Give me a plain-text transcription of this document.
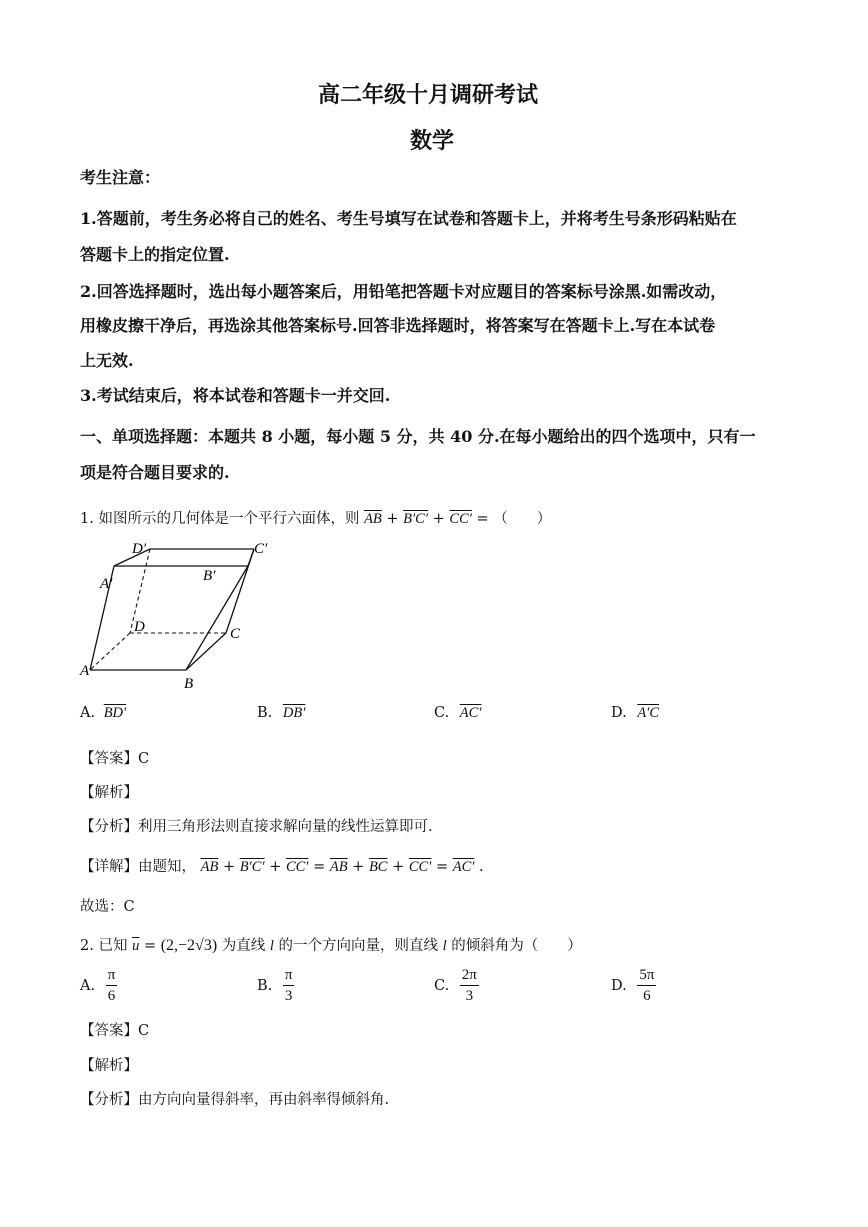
高二年级十月调研考试
数学
考生注意：
1.答题前，考生务必将自己的姓名、考生号填写在试卷和答题卡上，并将考生号条形码粘贴在
答题卡上的指定位置.
2.回答选择题时，选出每小题答案后，用铅笔把答题卡对应题目的答案标号涂黑.如需改动，
用橡皮擦干净后，再选涂其他答案标号.回答非选择题时，将答案写在答题卡上.写在本试卷
上无效.
3.考试结束后，将本试卷和答题卡一并交回.
一、单项选择题：本题共 8 小题，每小题 5 分，共 40 分.在每小题给出的四个选项中，只有一
项是符合题目要求的.
1. 如图所示的几何体是一个平行六面体，则 $\overline{AB} + B'C' + CC'$ = （　　）
D′	C′
A′	B′
D	C
A
B
A. BD′	B. DB′	C. AC′	D. A′C
【答案】C
【解析】
【分析】利用三角形法则直接求解向量的线性运算即可.
【详解】由题知， $\overline{AB} + B'C' + CC' = \overline{AB} + \overline{BC} + CC' = AC'$ .
故选：C
2. 已知 $\overline{u} = (2,-2√3)$ 为直线 l 的一个方向向量，则直线 l 的倾斜角为（　　）
A. $\frac{\pi}{6}$	B. $\frac{\pi}{3}$	C. $\frac{2\pi}{3}$	D. $\frac{5\pi}{6}$
【答案】C
【解析】
【分析】由方向向量得斜率，再由斜率得倾斜角.
